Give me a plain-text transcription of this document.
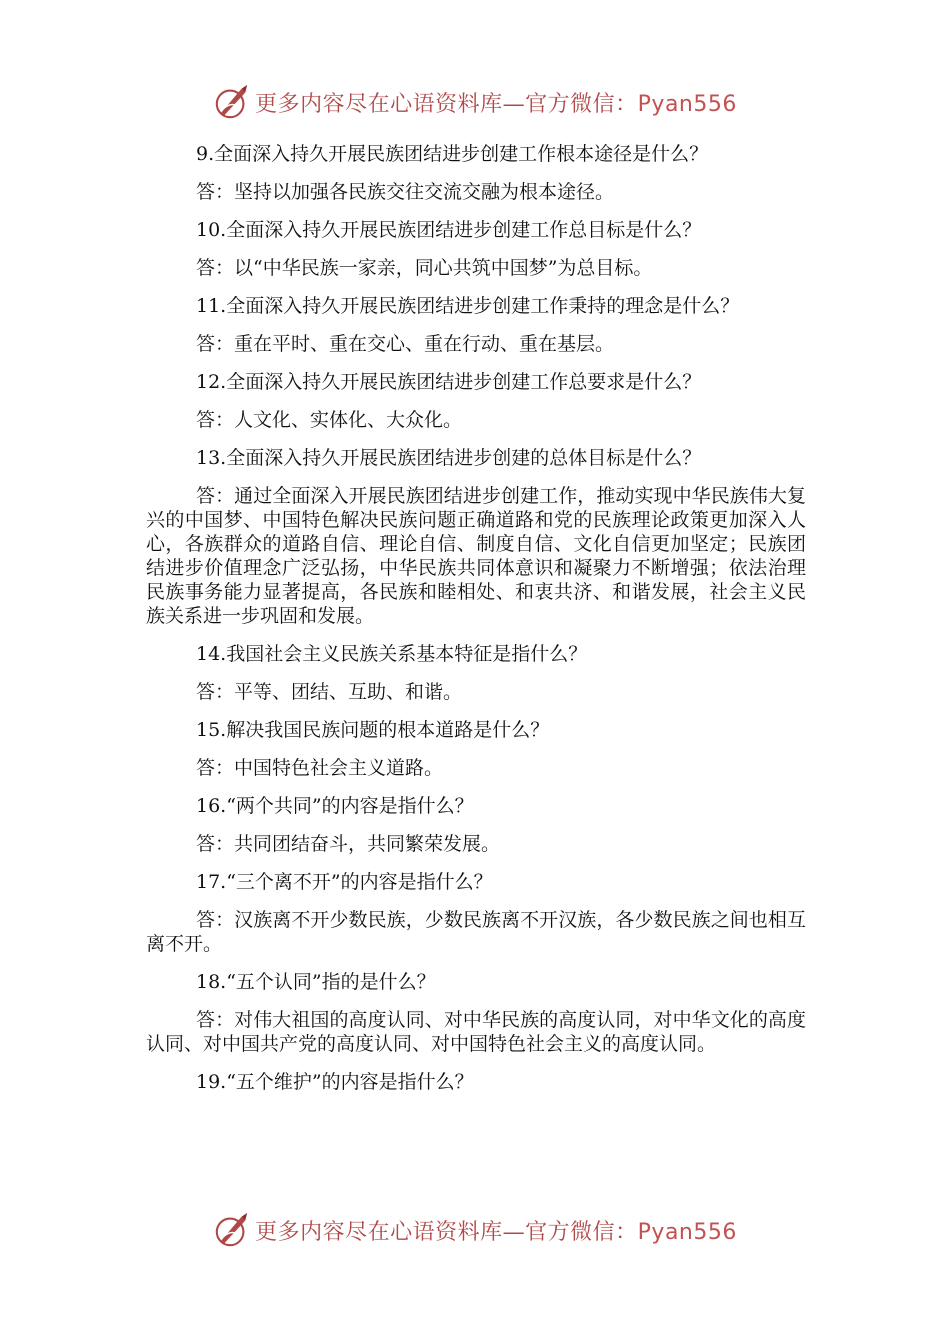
更多内容尽在心语资料库—官方微信：Pyan556

9.全面深入持久开展民族团结进步创建工作根本途径是什么？

答：坚持以加强各民族交往交流交融为根本途径。

10.全面深入持久开展民族团结进步创建工作总目标是什么？

答：以“中华民族一家亲，同心共筑中国梦”为总目标。

11.全面深入持久开展民族团结进步创建工作秉持的理念是什么？

答：重在平时、重在交心、重在行动、重在基层。

12.全面深入持久开展民族团结进步创建工作总要求是什么？

答：人文化、实体化、大众化。

13.全面深入持久开展民族团结进步创建的总体目标是什么？

答：通过全面深入开展民族团结进步创建工作，推动实现中华民族伟大复兴的中国梦、中国特色解决民族问题正确道路和党的民族理论政策更加深入人心，各族群众的道路自信、理论自信、制度自信、文化自信更加坚定；民族团结进步价值理念广泛弘扬，中华民族共同体意识和凝聚力不断增强；依法治理民族事务能力显著提高，各民族和睦相处、和衷共济、和谐发展，社会主义民族关系进一步巩固和发展。

14.我国社会主义民族关系基本特征是指什么？

答：平等、团结、互助、和谐。

15.解决我国民族问题的根本道路是什么？

答：中国特色社会主义道路。

16.“两个共同”的内容是指什么？

答：共同团结奋斗，共同繁荣发展。

17.“三个离不开”的内容是指什么？

答：汉族离不开少数民族，少数民族离不开汉族，各少数民族之间也相互离不开。

18.“五个认同”指的是什么？

答：对伟大祖国的高度认同、对中华民族的高度认同，对中华文化的高度认同、对中国共产党的高度认同、对中国特色社会主义的高度认同。

19.“五个维护”的内容是指什么？

更多内容尽在心语资料库—官方微信：Pyan556
